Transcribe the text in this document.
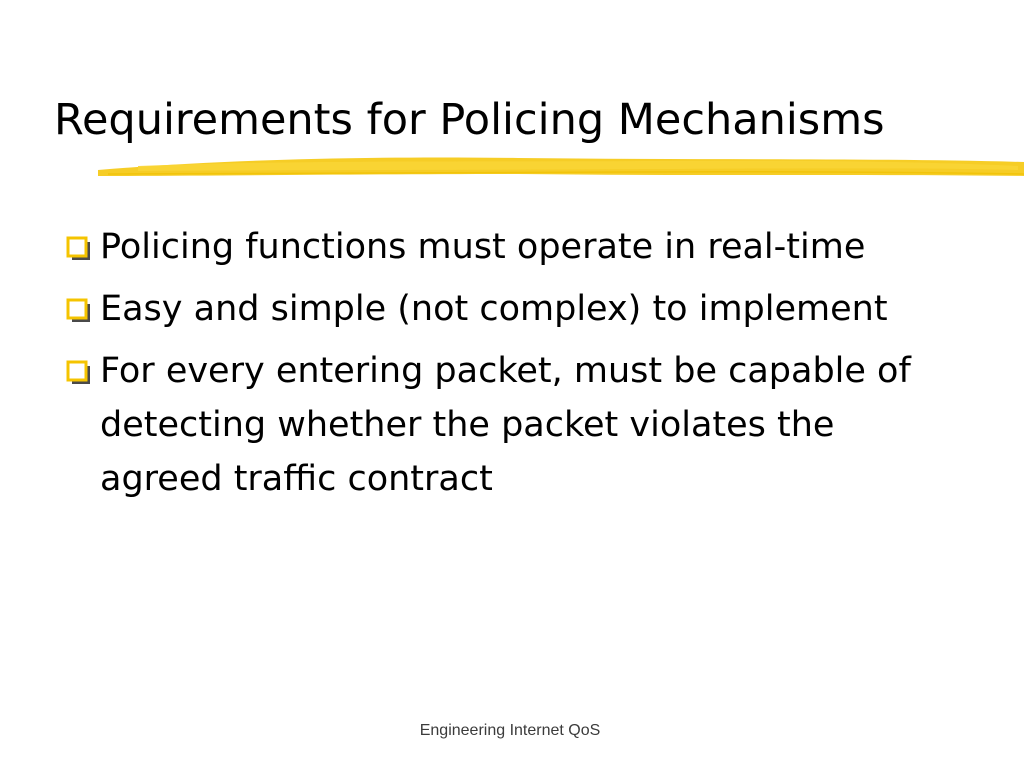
Requirements for Policing Mechanisms
Policing functions must operate in real-time
Easy and simple (not complex) to implement
For every entering packet, must be capable of detecting whether the packet violates the agreed traffic contract
Engineering Internet QoS
